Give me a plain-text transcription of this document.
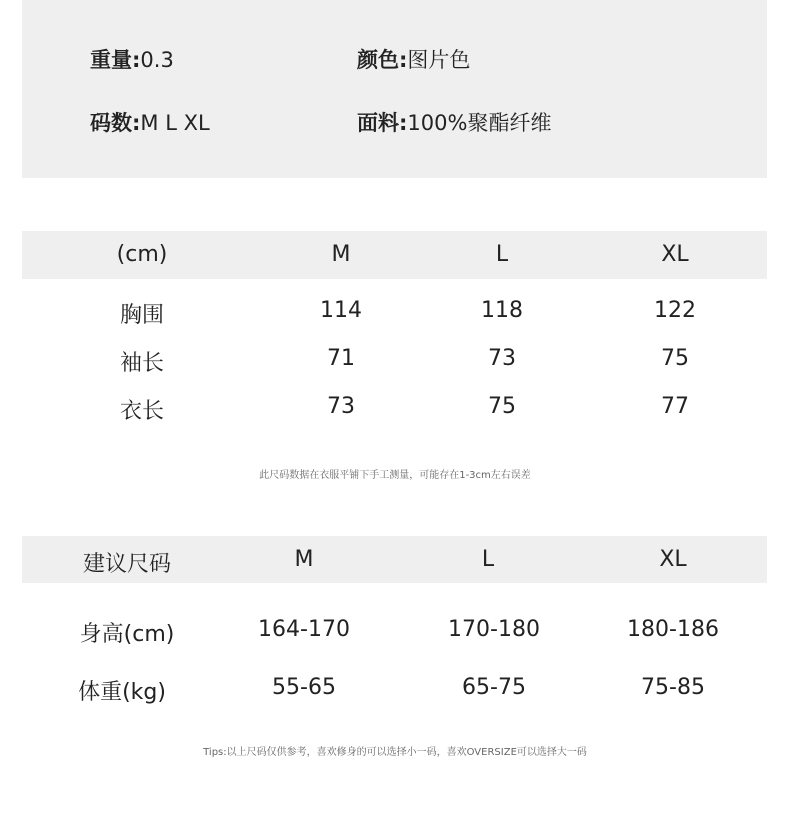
重量:0.3	颜色:图片色
码数:M L XL	面料:100%聚酯纤维
(cm)	M	L	XL
胸围	114	118	122
袖长	71	73	75
衣长	73	75	77
此尺码数据在衣服平铺下手工测量，可能存在1-3cm左右误差
建议尺码	M	L	XL
身高(cm)	164-170	170-180	180-186
体重(kg)	55-65	65-75	75-85
Tips:以上尺码仅供参考，喜欢修身的可以选择小一码，喜欢OVERSIZE可以选择大一码
